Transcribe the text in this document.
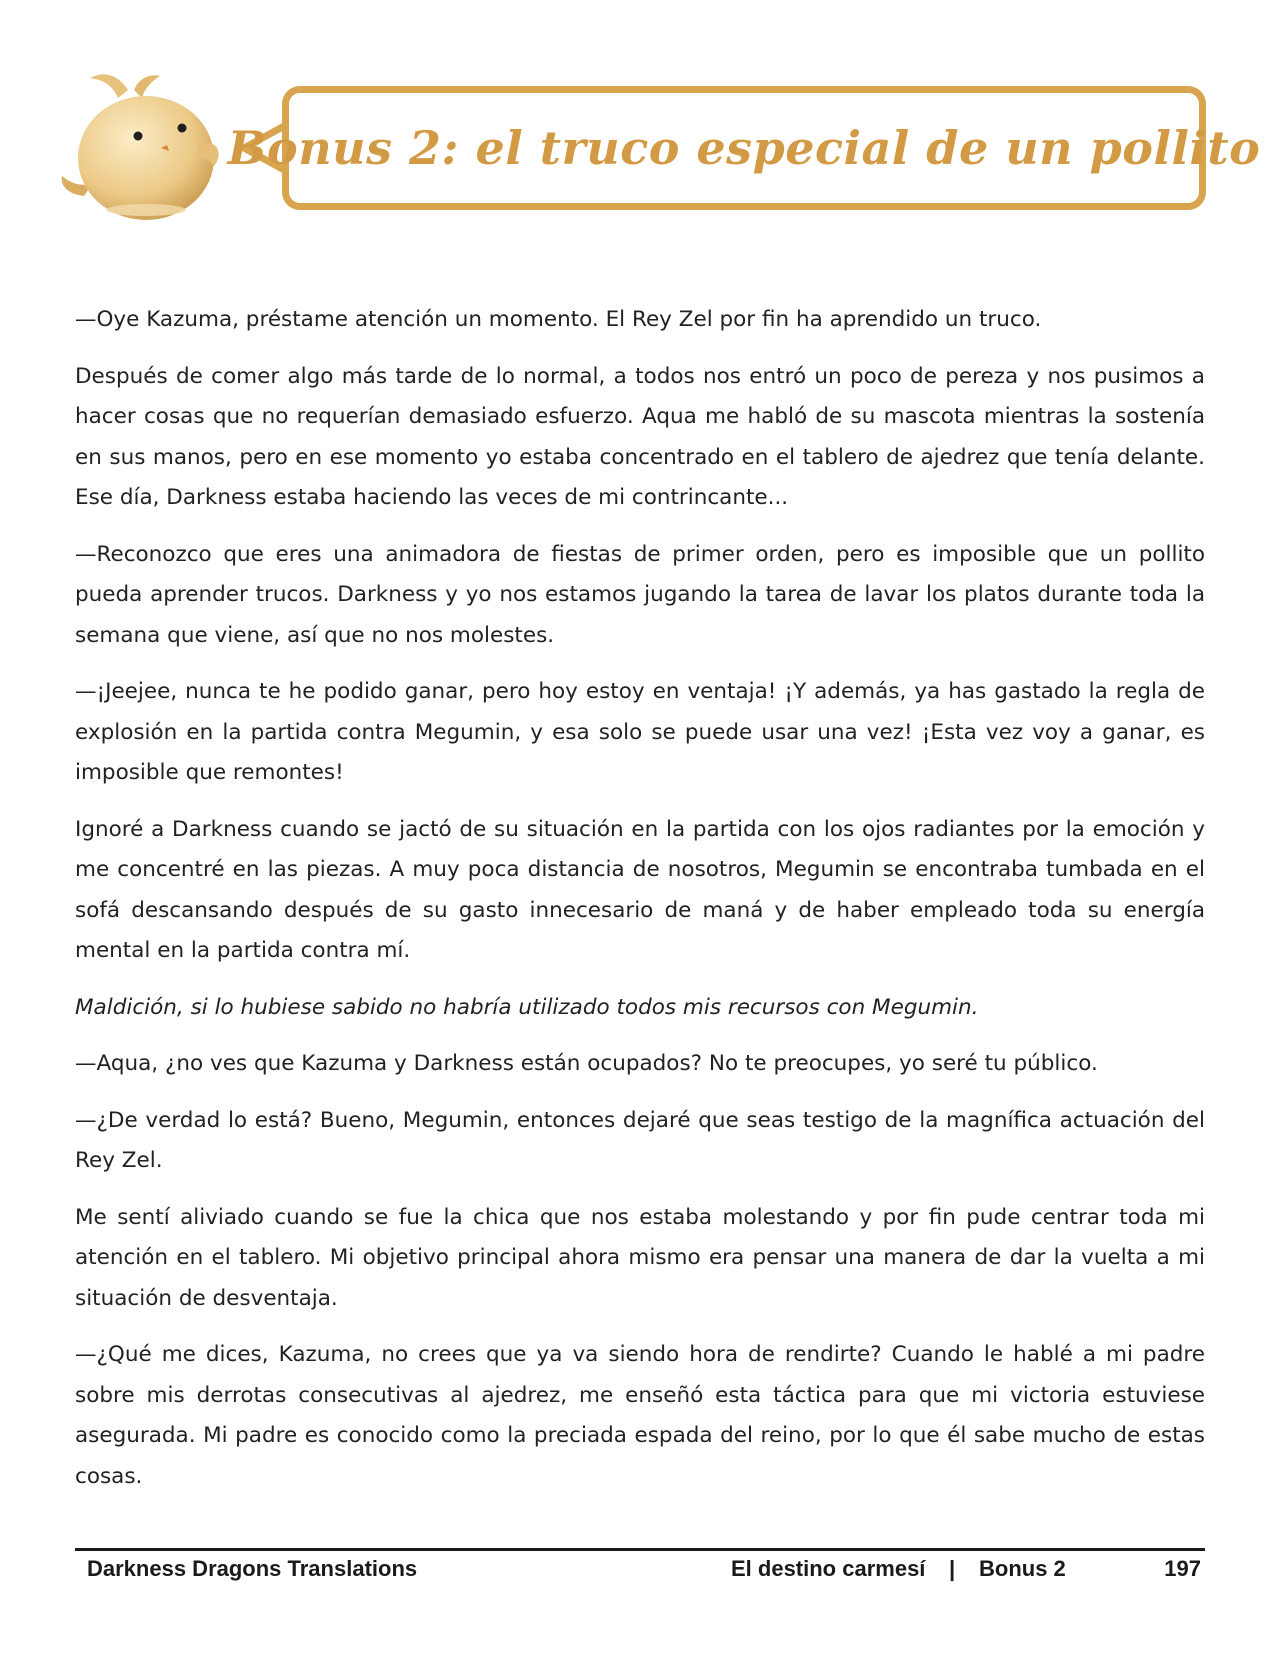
Bonus 2: el truco especial de un pollito

—Oye Kazuma, préstame atención un momento. El Rey Zel por fin ha aprendido un truco.

Después de comer algo más tarde de lo normal, a todos nos entró un poco de pereza y nos pusimos a hacer cosas que no requerían demasiado esfuerzo. Aqua me habló de su mascota mientras la sostenía en sus manos, pero en ese momento yo estaba concentrado en el tablero de ajedrez que tenía delante. Ese día, Darkness estaba haciendo las veces de mi contrincante...

—Reconozco que eres una animadora de fiestas de primer orden, pero es imposible que un pollito pueda aprender trucos. Darkness y yo nos estamos jugando la tarea de lavar los platos durante toda la semana que viene, así que no nos molestes.

—¡Jeejee, nunca te he podido ganar, pero hoy estoy en ventaja! ¡Y además, ya has gastado la regla de explosión en la partida contra Megumin, y esa solo se puede usar una vez! ¡Esta vez voy a ganar, es imposible que remontes!

Ignoré a Darkness cuando se jactó de su situación en la partida con los ojos radiantes por la emoción y me concentré en las piezas. A muy poca distancia de nosotros, Megumin se encontraba tumbada en el sofá descansando después de su gasto innecesario de maná y de haber empleado toda su energía mental en la partida contra mí.

Maldición, si lo hubiese sabido no habría utilizado todos mis recursos con Megumin.

—Aqua, ¿no ves que Kazuma y Darkness están ocupados? No te preocupes, yo seré tu público.

—¿De verdad lo está? Bueno, Megumin, entonces dejaré que seas testigo de la magnífica actuación del Rey Zel.

Me sentí aliviado cuando se fue la chica que nos estaba molestando y por fin pude centrar toda mi atención en el tablero. Mi objetivo principal ahora mismo era pensar una manera de dar la vuelta a mi situación de desventaja.

—¿Qué me dices, Kazuma, no crees que ya va siendo hora de rendirte? Cuando le hablé a mi padre sobre mis derrotas consecutivas al ajedrez, me enseñó esta táctica para que mi victoria estuviese asegurada. Mi padre es conocido como la preciada espada del reino, por lo que él sabe mucho de estas cosas.

Darkness Dragons Translations	El destino carmesí | Bonus 2	197
